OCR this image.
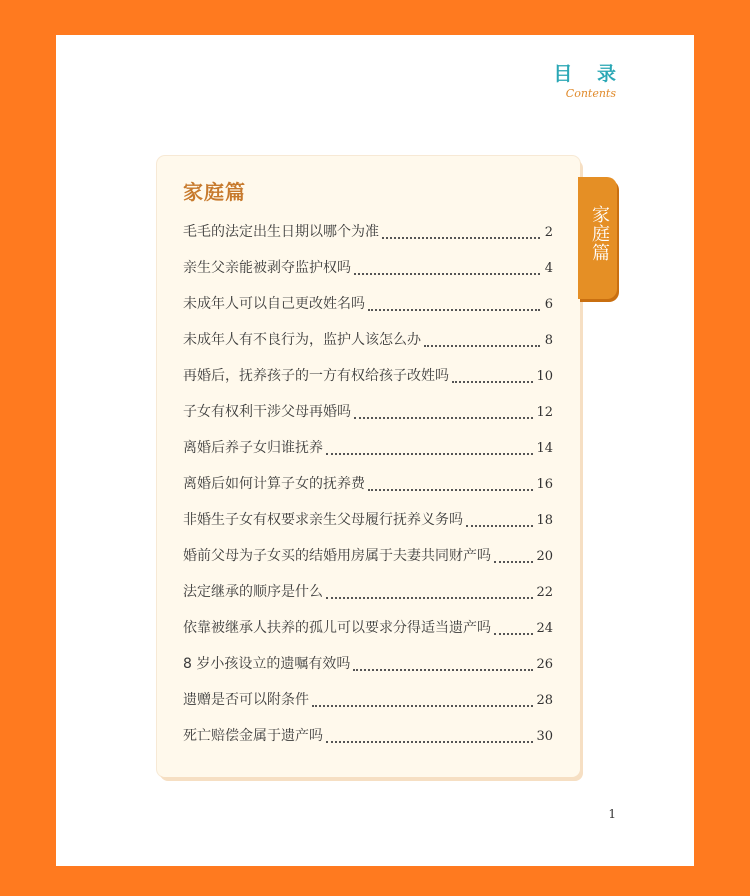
目 录
Contents
家庭篇
毛毛的法定出生日期以哪个为准	2
亲生父亲能被剥夺监护权吗	4
未成年人可以自己更改姓名吗	6
未成年人有不良行为，监护人该怎么办	8
再婚后，抚养孩子的一方有权给孩子改姓吗	10
子女有权利干涉父母再婚吗	12
离婚后养子女归谁抚养	14
离婚后如何计算子女的抚养费	16
非婚生子女有权要求亲生父母履行抚养义务吗	18
婚前父母为子女买的结婚用房属于夫妻共同财产吗	20
法定继承的顺序是什么	22
依靠被继承人扶养的孤儿可以要求分得适当遗产吗	24
8 岁小孩设立的遗嘱有效吗	26
遗赠是否可以附条件	28
死亡赔偿金属于遗产吗	30
家庭篇
1
